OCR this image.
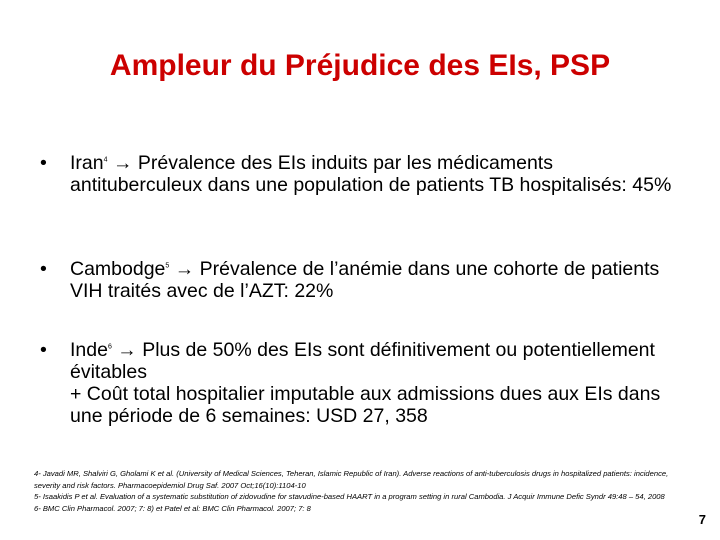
Ampleur du Préjudice des EIs, PSP
• Iran$^4$ → Prévalence des EIs induits par les médicaments antituberculeux dans une population de patients TB hospitalisés: 45%
• Cambodge$^5$ → Prévalence de l’anémie dans une cohorte de patients VIH traités avec de l’AZT: 22%
• Inde$^6$ → Plus de 50% des EIs sont définitivement ou potentiellement évitables
+ Coût total hospitalier imputable aux admissions dues aux EIs dans une période de 6 semaines: USD 27, 358
4- Javadi MR, Shalviri G, Gholami K et al. (University of Medical Sciences, Teheran, Islamic Republic of Iran). Adverse reactions of anti-tuberculosis drugs in hospitalized patients: incidence, severity and risk factors. Pharmacoepidemiol Drug Saf. 2007 Oct;16(10):1104-10
5- Isaakidis P et al. Evaluation of a systematic substitution of zidovudine for stavudine-based HAART in a program setting in rural Cambodia. J Acquir Immune Defic Syndr 49:48 – 54, 2008
6- BMC Clin Pharmacol. 2007; 7: 8) et Patel et al: BMC Clin Pharmacol. 2007; 7: 8
7
